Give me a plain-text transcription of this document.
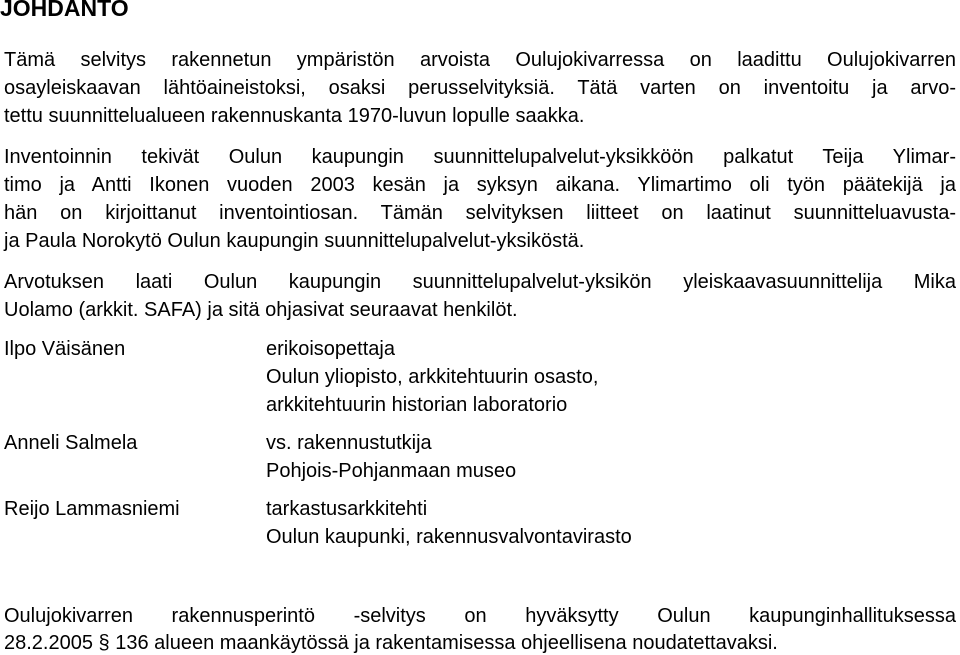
JOHDANTO
Tämä selvitys rakennetun ympäristön arvoista Oulujokivarressa on laadittu Oulujokivarren
osayleiskaavan lähtöaineistoksi, osaksi perusselvityksiä. Tätä varten on inventoitu ja arvo-
tettu suunnittelualueen rakennuskanta 1970-luvun lopulle saakka.
Inventoinnin tekivät Oulun kaupungin suunnittelupalvelut-yksikköön palkatut Teija Ylimar-
timo ja Antti Ikonen vuoden 2003 kesän ja syksyn aikana. Ylimartimo oli työn päätekijä ja
hän on kirjoittanut inventointiosan. Tämän selvityksen liitteet on laatinut suunnitteluavusta-
ja Paula Norokytö Oulun kaupungin suunnittelupalvelut-yksiköstä.
Arvotuksen laati Oulun kaupungin suunnittelupalvelut-yksikön yleiskaavasuunnittelija Mika
Uolamo (arkkit. SAFA) ja sitä ohjasivat seuraavat henkilöt.
Ilpo Väisänen	erikoisopettaja
Oulun yliopisto, arkkitehtuurin osasto,
arkkitehtuurin historian laboratorio
Anneli Salmela	vs. rakennustutkija
Pohjois-Pohjanmaan museo
Reijo Lammasniemi	tarkastusarkkitehti
Oulun kaupunki, rakennusvalvontavirasto
Oulujokivarren rakennusperintö -selvitys on hyväksytty Oulun kaupunginhallituksessa
28.2.2005 § 136 alueen maankäytössä ja rakentamisessa ohjeellisena noudatettavaksi.
